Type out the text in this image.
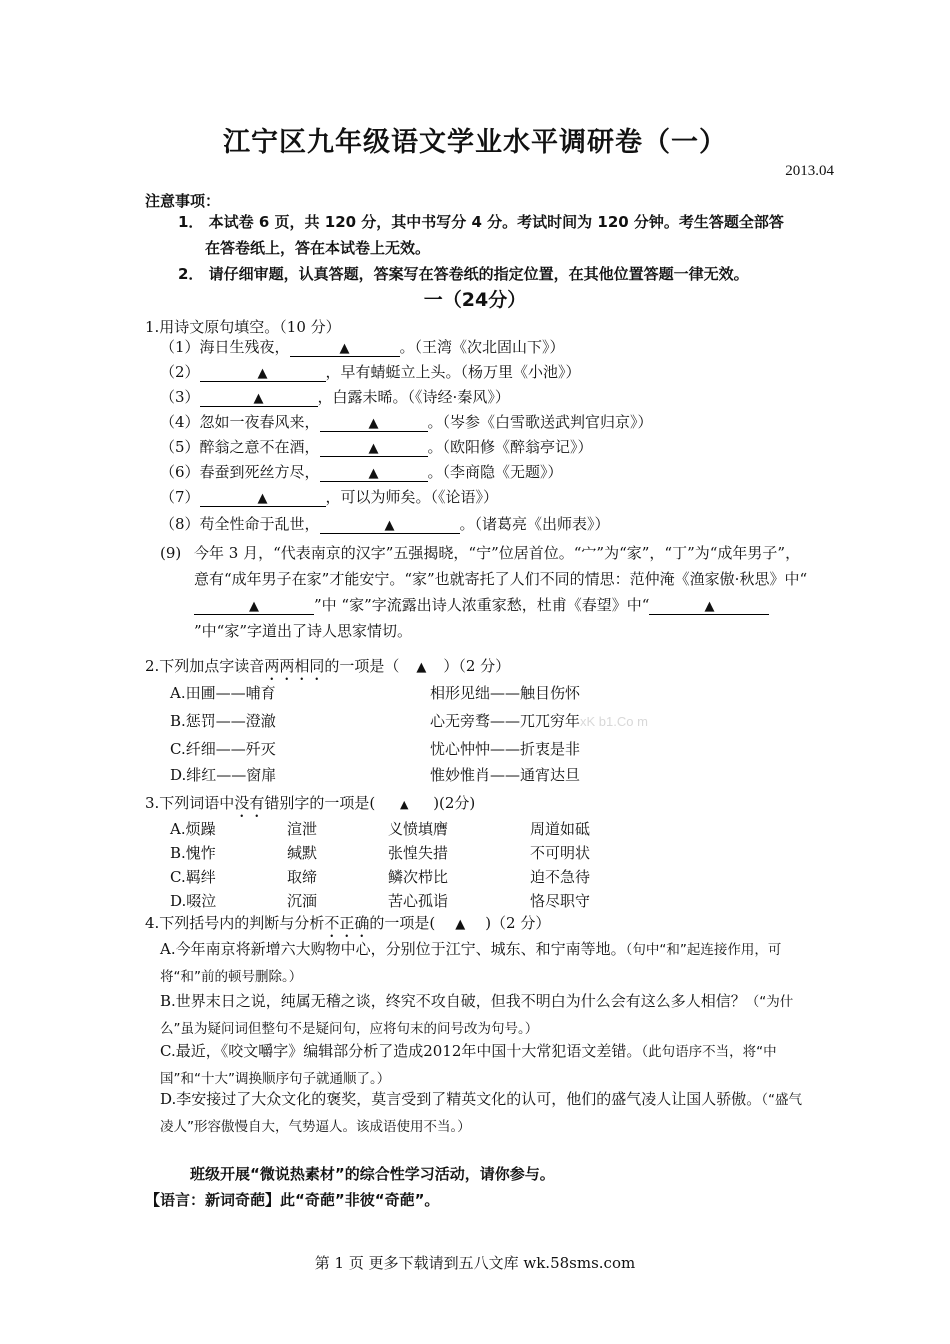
江宁区九年级语文学业水平调研卷（一）
2013.04
注意事项：
1． 本试卷 6 页，共 120 分，其中书写分 4 分。考试时间为 120 分钟。考生答题全部答
在答卷纸上，答在本试卷上无效。
2． 请仔细审题，认真答题，答案写在答卷纸的指定位置，在其他位置答题一律无效。
一（24分）
1.用诗文原句填空。（10 分）
（1）海日生残夜，	▲	。（王湾《次北固山下》）
（2）	▲	，早有蜻蜓立上头。（杨万里《小池》）
（3）	▲	，白露未晞。（《诗经·秦风》）
（4）忽如一夜春风来，	▲	。（岑参《白雪歌送武判官归京》）
（5）醉翁之意不在酒，	▲	。（欧阳修《醉翁亭记》）
（6）春蚕到死丝方尽，	▲	。（李商隐《无题》）
（7）	▲	，可以为师矣。（《论语》）
（8）苟全性命于乱世，	▲	。（诸葛亮《出师表》）
(9) 今年 3 月，“代表南京的汉字”五强揭晓，“宁”位居首位。“宀”为“家”，“丁”为“成年男子”，意有“成年男子在家”才能安宁。“家”也就寄托了人们不同的情思：范仲淹《渔家傲·秋思》中“▲	”中 “家”字流露出诗人浓重家愁，杜甫《春望》中“	▲”中“家”字道出了诗人思家情切。
2.下列加点字读音两两相同的一项是（ ▲ ）（2 分）
A.田圃——哺育	相形见绌——触目伤怀
B.惩罚——澄澈	心无旁骛——兀兀穷年xK b1.Co m
C.纤细——歼灭	忧心忡忡——折衷是非
D.绯红——窗扉	惟妙惟肖——通宵达旦
3.下列词语中没有错别字的一项是( ▲ )(2分)
A.烦躁	渲泄	义愤填膺	周道如砥
B.愧怍	缄默	张惶失措	不可明状
C.羁绊	取缔	鳞次栉比	迫不急待
D.啜泣	沉湎	苦心孤诣	恪尽职守
4.下列括号内的判断与分析不正确的一项是( ▲ )（2 分）
A.今年南京将新增六大购物中心，分别位于江宁、城东、和宁南等地。（句中“和”起连接作用，可将“和”前的顿号删除。）
B.世界末日之说，纯属无稽之谈，终究不攻自破，但我不明白为什么会有这么多人相信？（“为什么”虽为疑问词但整句不是疑问句，应将句末的问号改为句号。）
C.最近，《咬文嚼字》编辑部分析了造成2012年中国十大常犯语文差错。（此句语序不当，将“中国”和“十大”调换顺序句子就通顺了。）
D.李安接过了大众文化的褒奖，莫言受到了精英文化的认可，他们的盛气凌人让国人骄傲。（“盛气凌人”形容傲慢自大，气势逼人。该成语使用不当。）
班级开展“微说热素材”的综合性学习活动，请你参与。
【语言：新词奇葩】此“奇葩”非彼“奇葩”。
第 1 页 更多下载请到五八文库 wk.58sms.com
